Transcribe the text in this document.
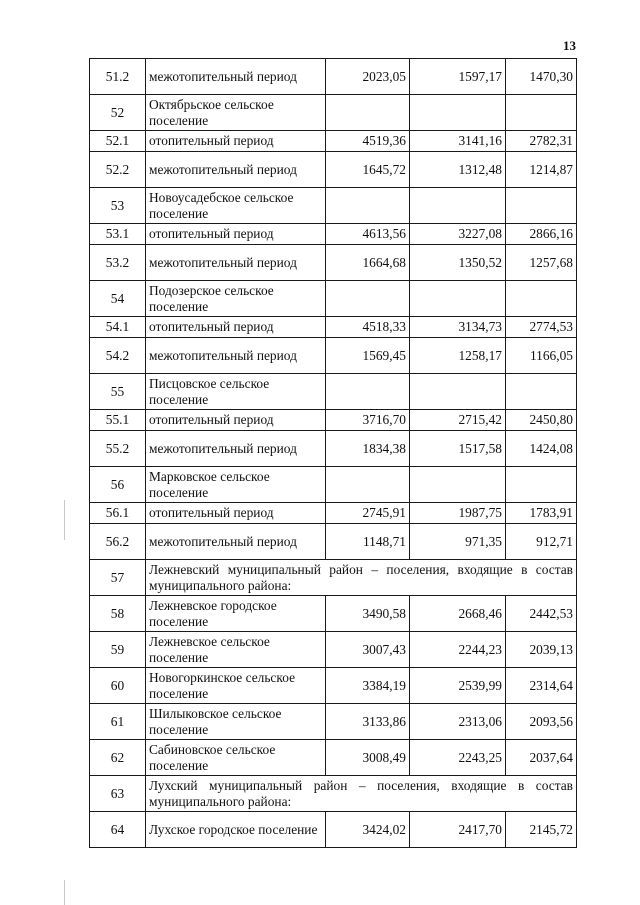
13
51.2	межотопительный период	2023,05	1597,17	1470,30
52	Октябрьское сельское поселение			
52.1	отопительный период	4519,36	3141,16	2782,31
52.2	межотопительный период	1645,72	1312,48	1214,87
53	Новоусадебское сельское поселение			
53.1	отопительный период	4613,56	3227,08	2866,16
53.2	межотопительный период	1664,68	1350,52	1257,68
54	Подозерское сельское поселение			
54.1	отопительный период	4518,33	3134,73	2774,53
54.2	межотопительный период	1569,45	1258,17	1166,05
55	Писцовское сельское поселение			
55.1	отопительный период	3716,70	2715,42	2450,80
55.2	межотопительный период	1834,38	1517,58	1424,08
56	Марковское сельское поселение			
56.1	отопительный период	2745,91	1987,75	1783,91
56.2	межотопительный период	1148,71	971,35	912,71
57	Лежневский муниципальный район – поселения, входящие в состав муниципального района:			
58	Лежневское городское поселение	3490,58	2668,46	2442,53
59	Лежневское сельское поселение	3007,43	2244,23	2039,13
60	Новогоркинское сельское поселение	3384,19	2539,99	2314,64
61	Шилыковское сельское поселение	3133,86	2313,06	2093,56
62	Сабиновское сельское поселение	3008,49	2243,25	2037,64
63	Лухский муниципальный район – поселения, входящие в состав муниципального района:			
64	Лухское городское поселение	3424,02	2417,70	2145,72
